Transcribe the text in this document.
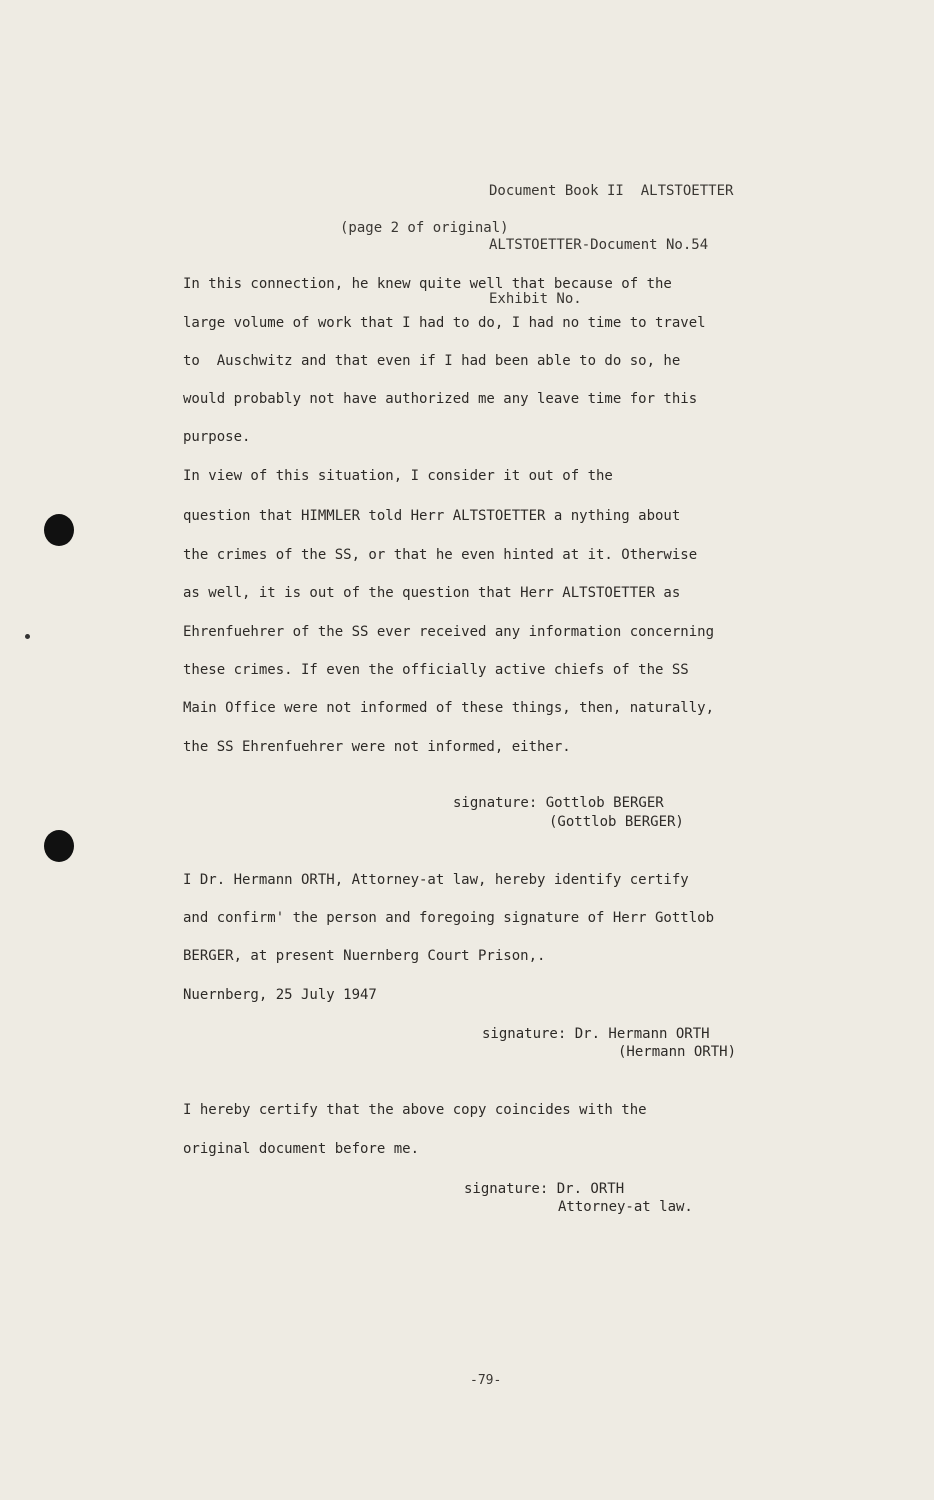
Document Book II  ALTSTOETTER

ALTSTOETTER-Document No.54

Exhibit No.

(page 2 of original)
In this connection, he knew quite well that because of the
large volume of work that I had to do, I had no time to travel
to  Auschwitz and that even if I had been able to do so, he
would probably not have authorized me any leave time for this
purpose.
In view of this situation, I consider it out of the
question that HIMMLER told Herr ALTSTOETTER a nything about
the crimes of the SS, or that he even hinted at it. Otherwise
as well, it is out of the question that Herr ALTSTOETTER as
Ehrenfuehrer of the SS ever received any information concerning
these crimes. If even the officially active chiefs of the SS
Main Office were not informed of these things, then, naturally,
the SS Ehrenfuehrer were not informed, either.
signature: Gottlob BERGER
(Gottlob BERGER)
I Dr. Hermann ORTH, Attorney-at law, hereby identify certify
and confirm' the person and foregoing signature of Herr Gottlob
BERGER, at present Nuernberg Court Prison,.
Nuernberg, 25 July 1947
signature: Dr. Hermann ORTH
(Hermann ORTH)
I hereby certify that the above copy coincides with the
original document before me.
signature: Dr. ORTH
Attorney-at law.
-79-
